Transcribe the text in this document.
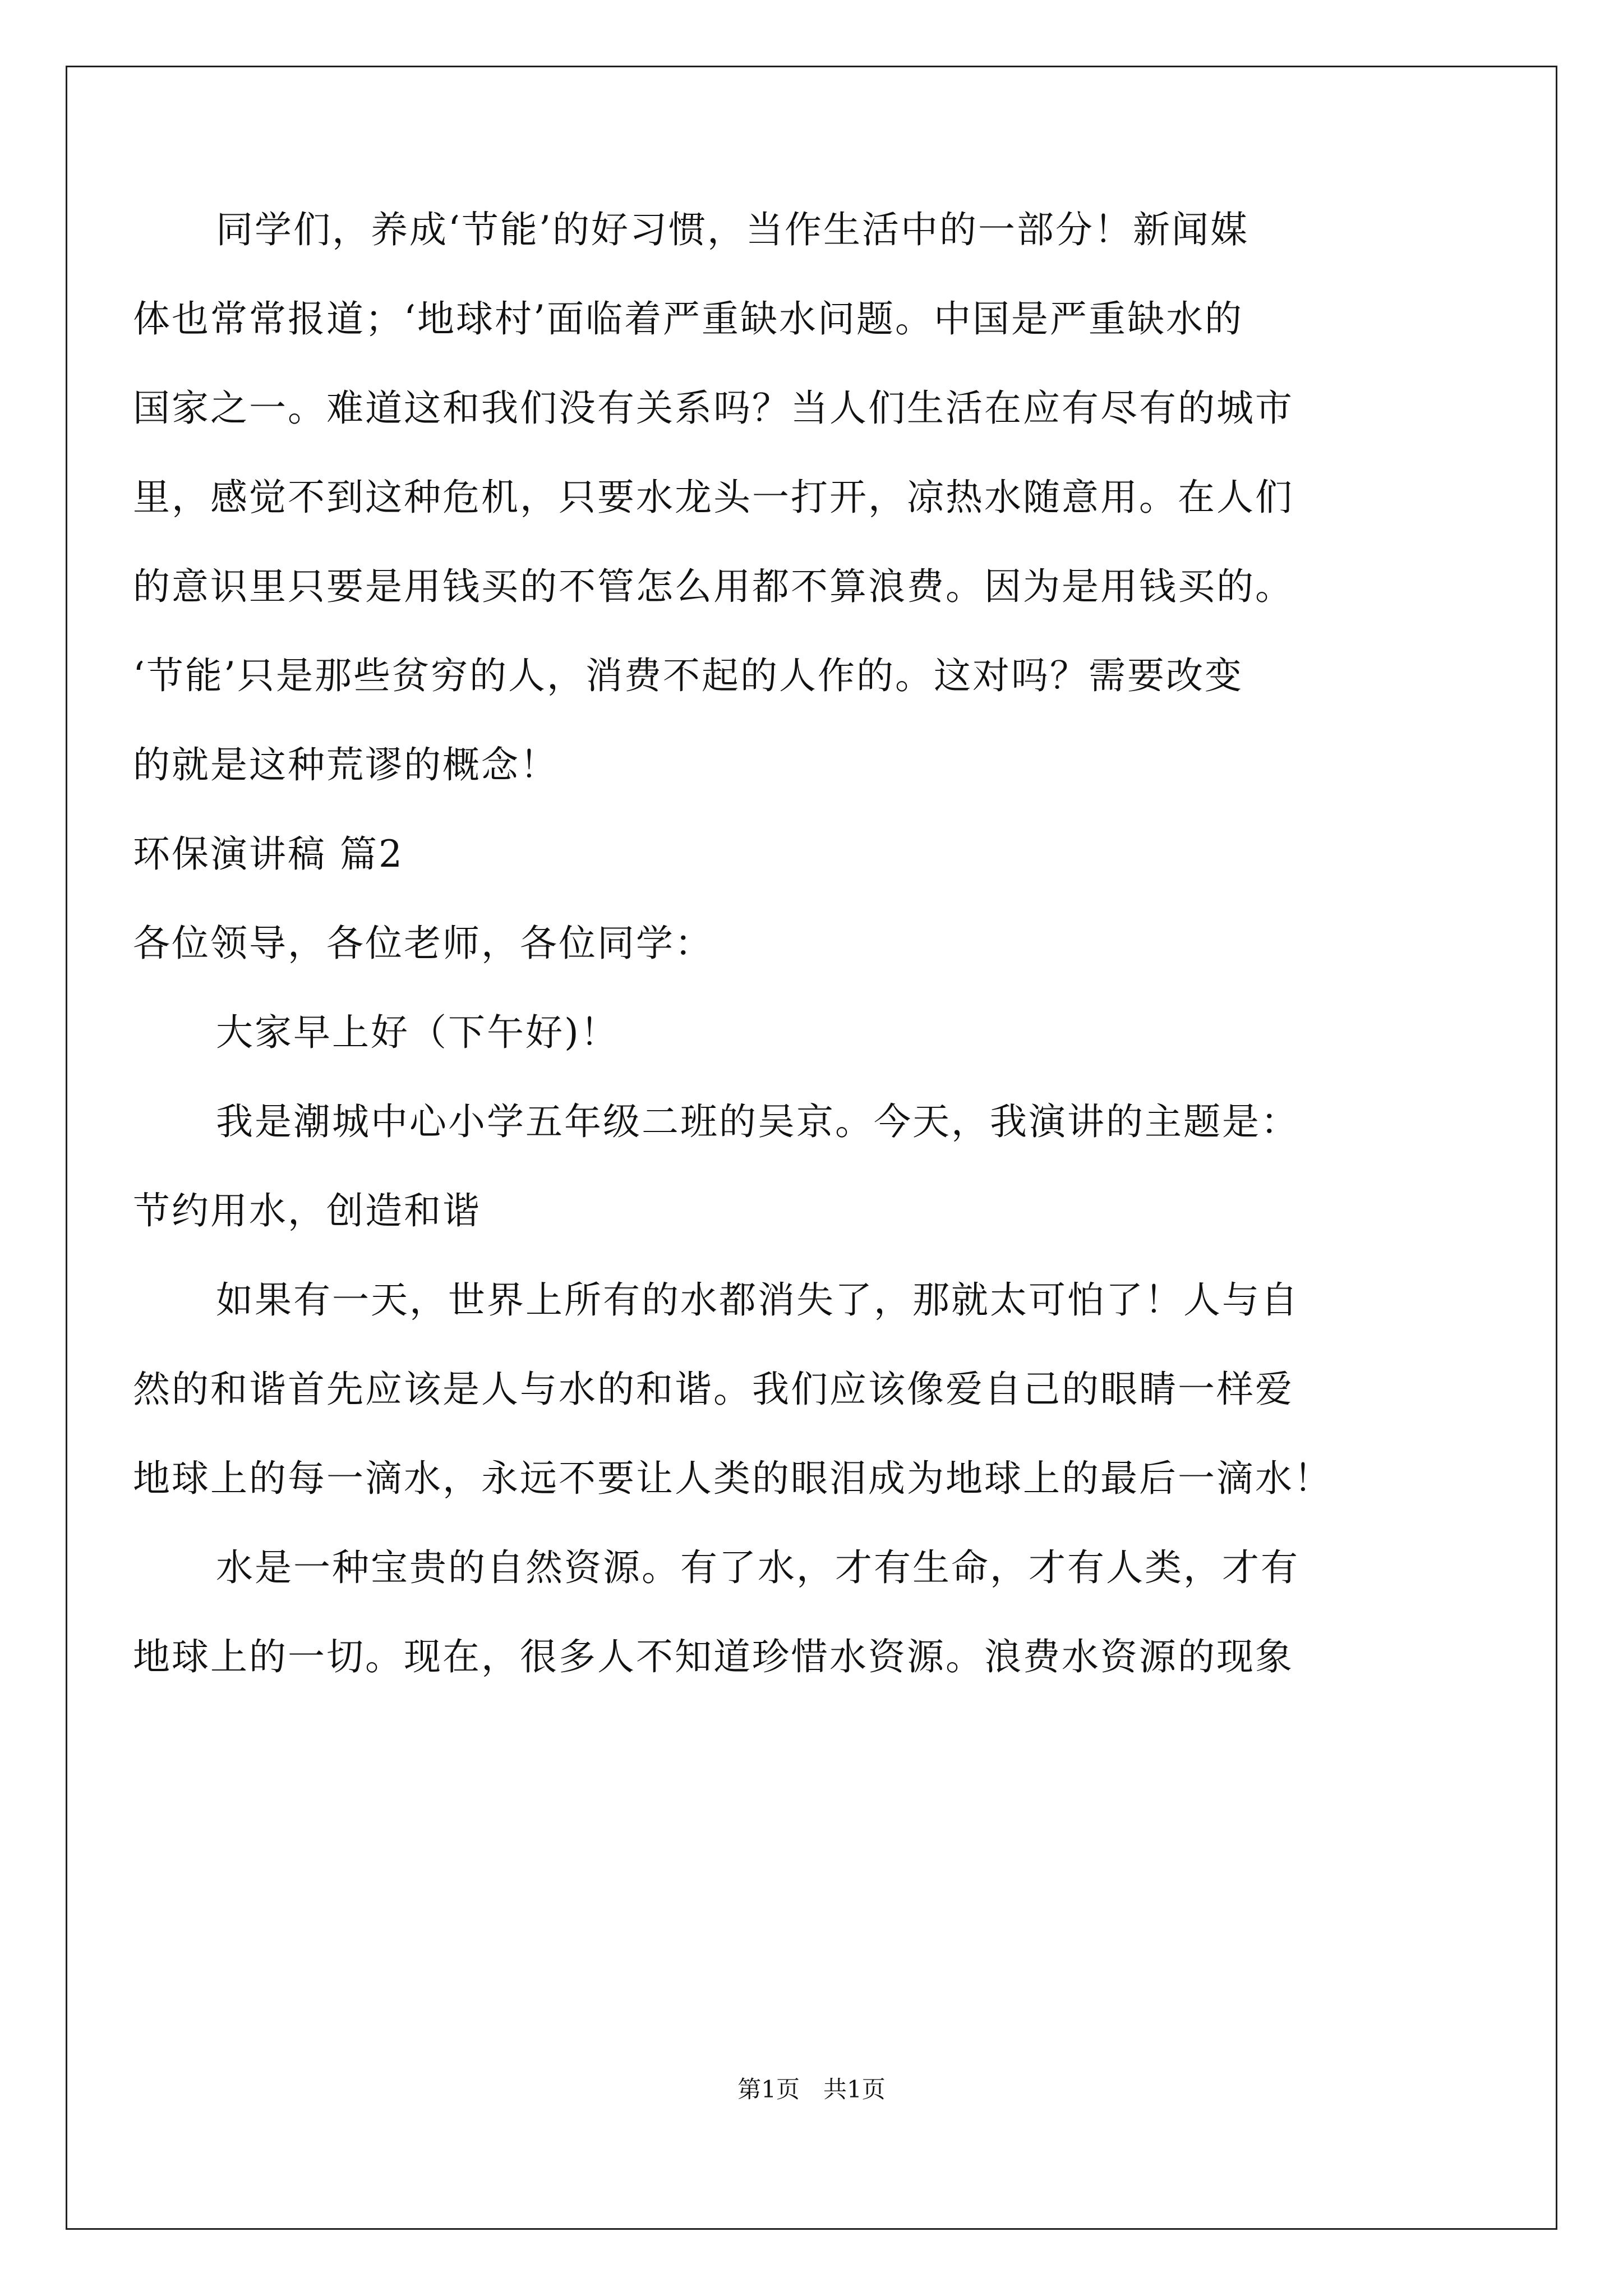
同学们，养成‘节能’的好习惯，当作生活中的一部分！新闻媒
体也常常报道；‘地球村’面临着严重缺水问题。中国是严重缺水的
国家之一。难道这和我们没有关系吗？当人们生活在应有尽有的城市
里，感觉不到这种危机，只要水龙头一打开，凉热水随意用。在人们
的意识里只要是用钱买的不管怎么用都不算浪费。因为是用钱买的。
‘节能’只是那些贫穷的人，消费不起的人作的。这对吗？需要改变
的就是这种荒谬的概念！
环保演讲稿 篇2
各位领导，各位老师，各位同学：
大家早上好（下午好)！
我是潮城中心小学五年级二班的吴京。今天，我演讲的主题是：
节约用水，创造和谐
如果有一天，世界上所有的水都消失了，那就太可怕了！人与自
然的和谐首先应该是人与水的和谐。我们应该像爱自己的眼睛一样爱
地球上的每一滴水，永远不要让人类的眼泪成为地球上的最后一滴水！
水是一种宝贵的自然资源。有了水，才有生命，才有人类，才有
地球上的一切。现在，很多人不知道珍惜水资源。浪费水资源的现象
第1页　共1页
